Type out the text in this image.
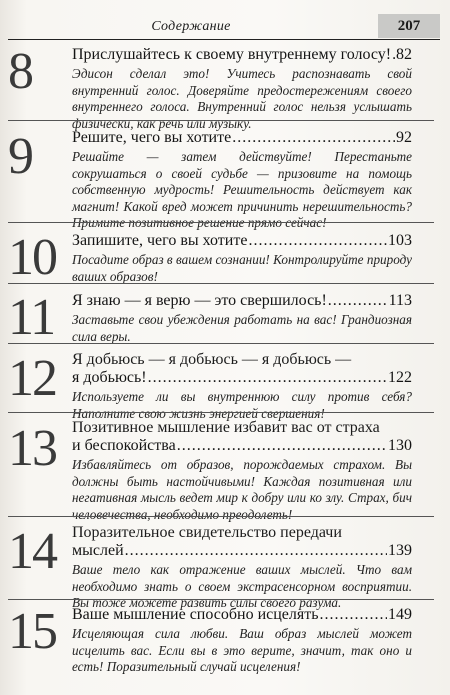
Содержание	207
8	Прислушайтесь к своему внутреннему голосу! ..... 82
Эдисон сделал это! Учитесь распознавать свой внутренний голос. Доверяйте предостережениям своего внутреннего голоса. Внутренний голос нельзя услышать физически, как речь или музыку.
9	Решите, чего вы хотите .....	92
Решайте — затем действуйте! Перестаньте сокрушаться о своей судьбе — призовите на помощь собственную мудрость! Решительность действует как магнит! Какой вред может причинить нерешительность? Примите позитивное решение прямо сейчас!
10	Запишите, чего вы хотите .....	103
Посадите образ в вашем сознании! Контролируйте природу ваших образов!
11	Я знаю — я верю — это свершилось! .....	113
Заставьте свои убеждения работать на вас! Грандиозная сила веры.
12	Я добьюсь — я добьюсь — я добьюсь —
я добьюсь! .....	122
Используете ли вы внутреннюю силу против себя? Наполните свою жизнь энергией свершения!
13	Позитивное мышление избавит вас от страха
и беспокойства .....	130
Избавляйтесь от образов, порождаемых страхом. Вы должны быть настойчивыми! Каждая позитивная или негативная мысль ведет мир к добру или ко злу. Страх, бич человечества, необходимо преодолеть!
14	Поразительное свидетельство передачи
мыслей .....	139
Ваше тело как отражение ваших мыслей. Что вам необходимо знать о своем экстрасенсорном восприятии. Вы тоже можете развить силы своего разума.
15	Ваше мышление способно исцелять .....	149
Исцеляющая сила любви. Ваш образ мыслей может исцелить вас. Если вы в это верите, значит, так оно и есть! Поразительный случай исцеления!
